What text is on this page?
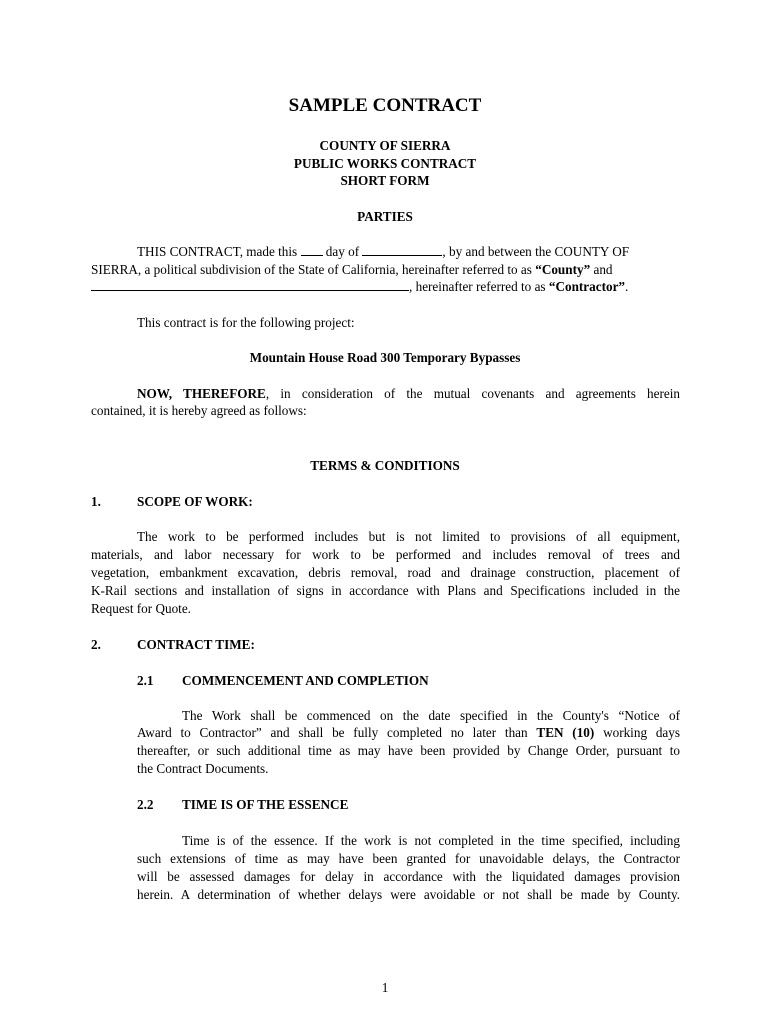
SAMPLE CONTRACT
COUNTY OF SIERRA
PUBLIC WORKS CONTRACT
SHORT FORM
PARTIES
THIS CONTRACT, made this day of	, by and between the COUNTY OF
SIERRA, a political subdivision of the State of California, hereinafter referred to as “County” and
, hereinafter referred to as “Contractor”.
This contract is for the following project:
Mountain House Road 300 Temporary Bypasses
NOW, THEREFORE, in consideration of the mutual covenants and agreements herein
contained, it is hereby agreed as follows:
TERMS & CONDITIONS
1.	SCOPE OF WORK:
The work to be performed includes but is not limited to provisions of all equipment,
materials, and labor necessary for work to be performed and includes removal of trees and
vegetation, embankment excavation, debris removal, road and drainage construction, placement of
K-Rail sections and installation of signs in accordance with Plans and Specifications included in the
Request for Quote.
2.	CONTRACT TIME:
2.1 COMMENCEMENT AND COMPLETION
The Work shall be commenced on the date specified in the County's “Notice of
Award to Contractor” and shall be fully completed no later than TEN (10) working days
thereafter, or such additional time as may have been provided by Change Order, pursuant to
the Contract Documents.
2.2 TIME IS OF THE ESSENCE
Time is of the essence. If the work is not completed in the time specified, including
such extensions of time as may have been granted for unavoidable delays, the Contractor
will be assessed damages for delay in accordance with the liquidated damages provision
herein. A determination of whether delays were avoidable or not shall be made by County.
1
